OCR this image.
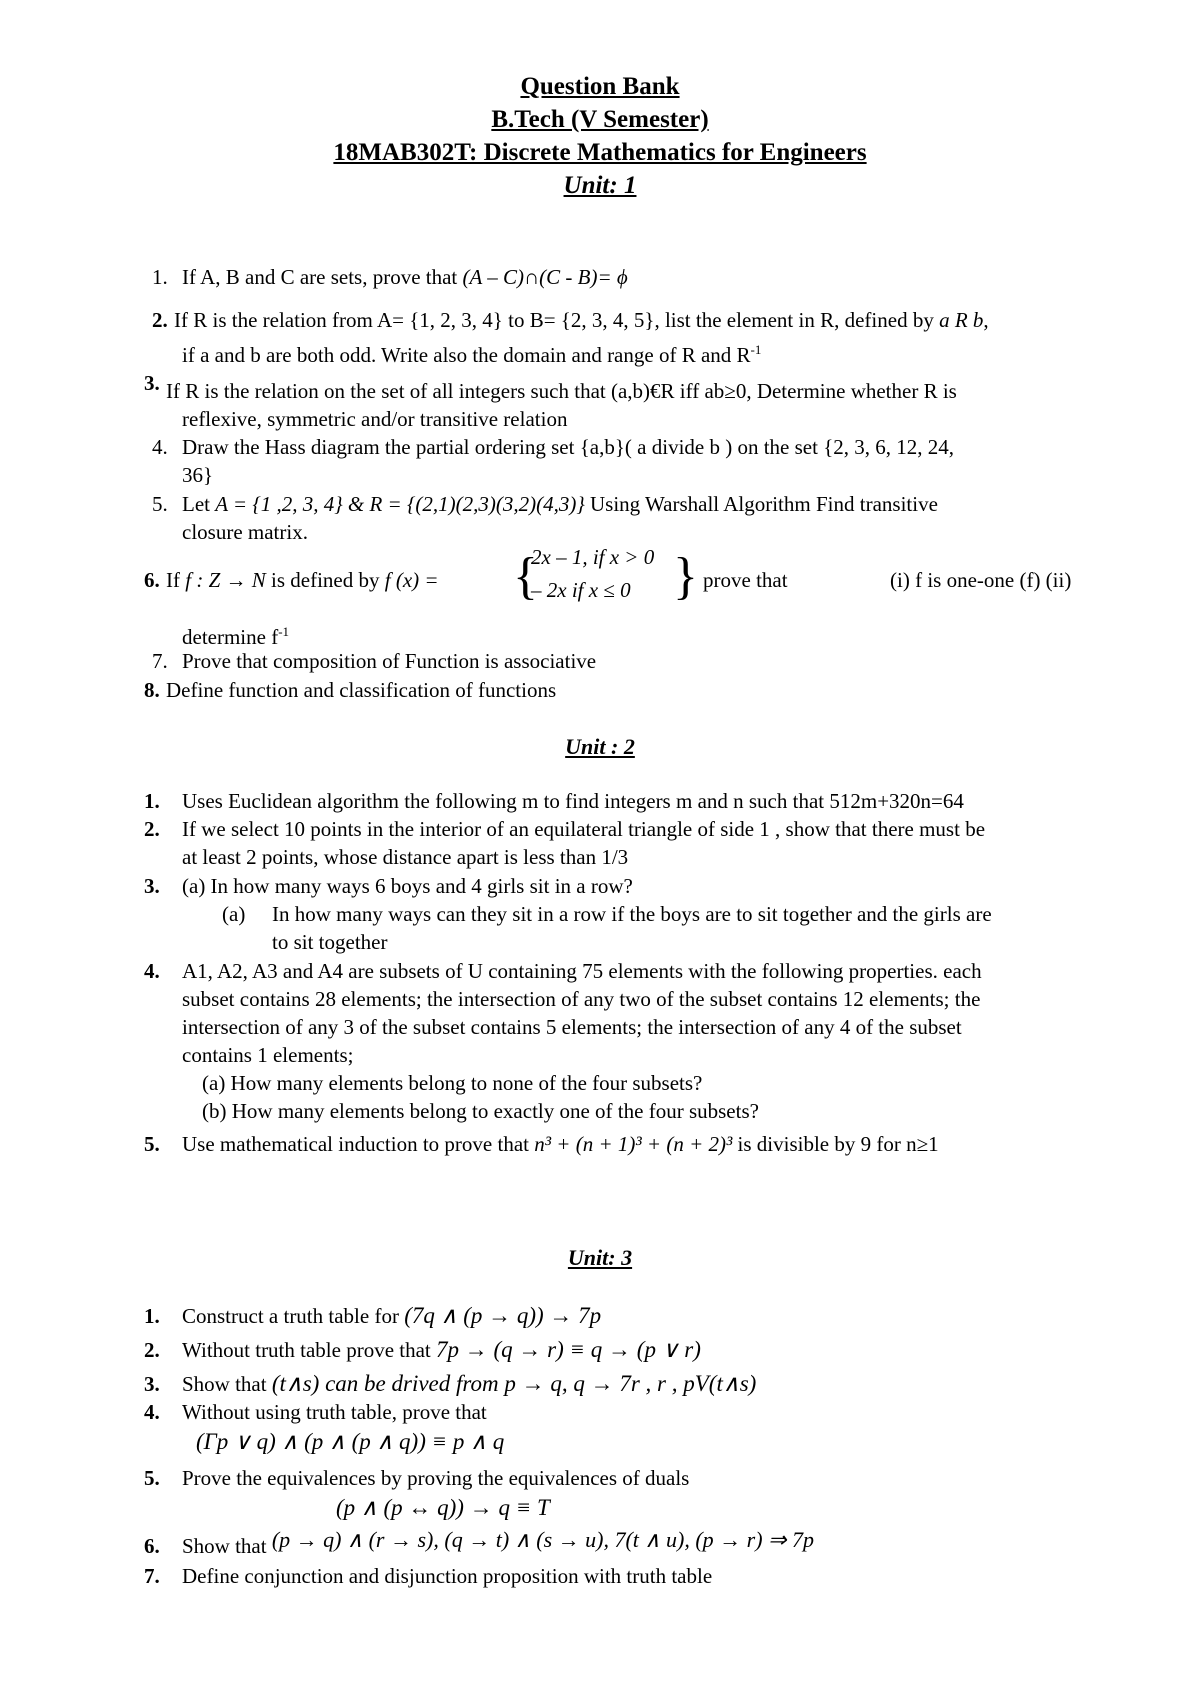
Question Bank
B.Tech (V Semester)
18MAB302T: Discrete Mathematics for Engineers
Unit: 1
1. If A, B and C are sets, prove that (A – C)∩(C - B)= ϕ
2. If R is the relation from A= {1, 2, 3, 4} to B= {2, 3, 4, 5}, list the element in R, defined by a R b,
if a and b are both odd. Write also the domain and range of R and $R^{-1}$
3. If R is the relation on the set of all integers such that (a,b)€R iff ab≥0, Determine whether R is
reflexive, symmetric and/or transitive relation
4. Draw the Hass diagram the partial ordering set {a,b}( a divide b ) on the set {2, 3, 6, 12, 24,
36}
5. Let A = {1 ,2, 3, 4} & R = {(2,1)(2,3)(3,2)(4,3)} Using Warshall Algorithm Find transitive
closure matrix.
6. If f : Z → N is defined by f (x) = {
2x – 1, if x > 0
– 2x if x ≤ 0 } prove that	(i) f is one-one (f) (ii)
determine $f^{-1}$
7. Prove that composition of Function is associative
8. Define function and classification of functions
Unit : 2
1.	Uses Euclidean algorithm the following m to find integers m and n such that 512m+320n=64
2.	If we select 10 points in the interior of an equilateral triangle of side 1 , show that there must be
at least 2 points, whose distance apart is less than 1/3
3.	(a) In how many ways 6 boys and 4 girls sit in a row?
(a) In how many ways can they sit in a row if the boys are to sit together and the girls are
to sit together
4.	A1, A2, A3 and A4 are subsets of U containing 75 elements with the following properties. each
subset contains 28 elements; the intersection of any two of the subset contains 12 elements; the
intersection of any 3 of the subset contains 5 elements; the intersection of any 4 of the subset
contains 1 elements;
(a) How many elements belong to none of the four subsets?
(b) How many elements belong to exactly one of the four subsets?
5.	Use mathematical induction to prove that n³ + (n + 1)³ + (n + 2)³ is divisible by 9 for n≥1
Unit: 3
1.	Construct a truth table for (7q ∧ (p → q)) → 7p
2.	Without truth table prove that 7p → (q → r) ≡ q → (p ∨ r)
3.	Show that (t∧s) can be drived from p → q, q → 7r , r , pV(t∧s)
4.	Without using truth table, prove that
(Γp ∨ q) ∧ (p ∧ (p ∧ q)) ≡ p ∧ q
5.	Prove the equivalences by proving the equivalences of duals
(p ∧ (p ↔ q)) → q ≡ T
6.	Show that (p → q) ∧ (r → s), (q → t) ∧ (s → u), 7(t ∧ u), (p → r) ⇒ 7p
7.	Define conjunction and disjunction proposition with truth table
